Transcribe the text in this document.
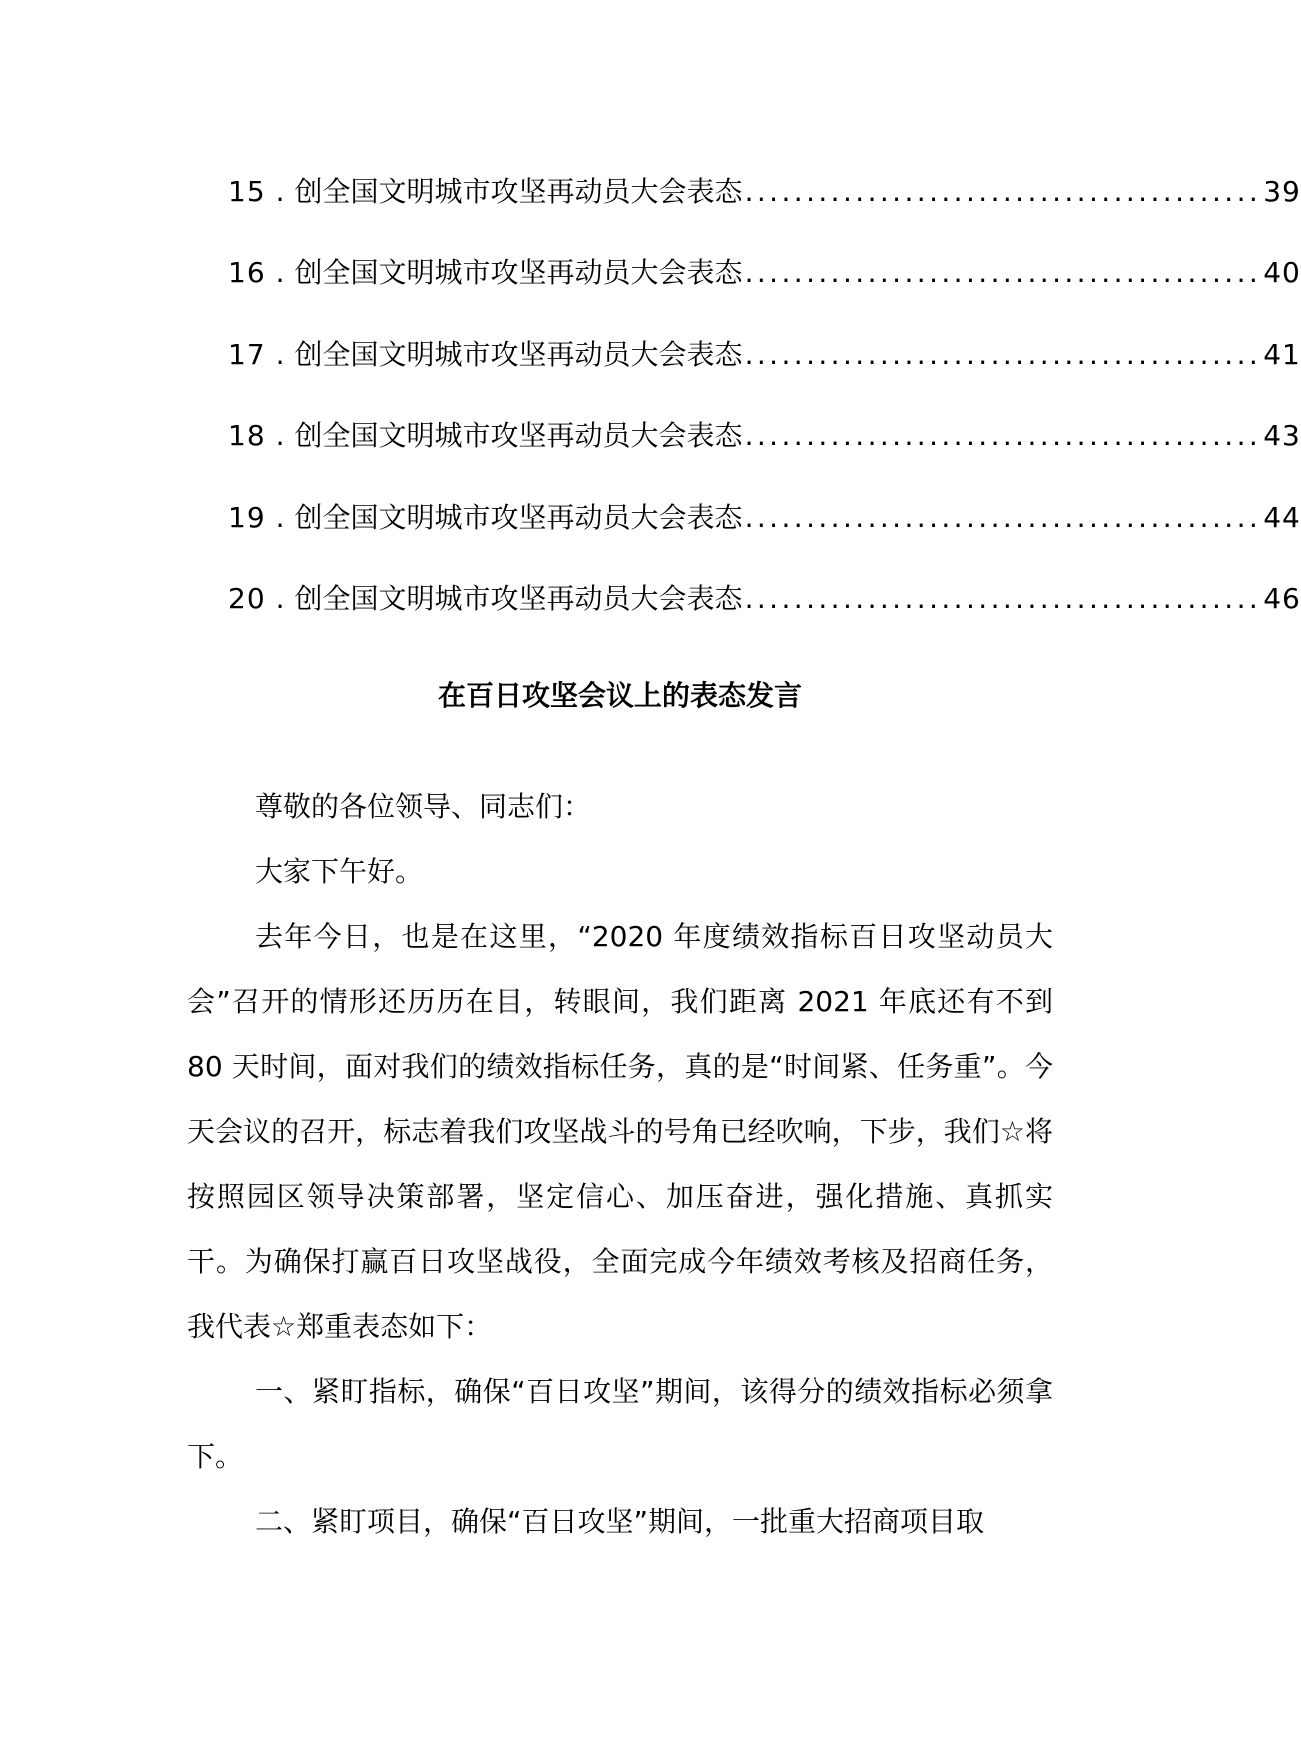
15 . 创全国文明城市攻坚再动员大会表态 .......................................... 39
16 . 创全国文明城市攻坚再动员大会表态 .......................................... 40
17 . 创全国文明城市攻坚再动员大会表态 .......................................... 41
18 . 创全国文明城市攻坚再动员大会表态 .......................................... 43
19 . 创全国文明城市攻坚再动员大会表态 .......................................... 44
20 . 创全国文明城市攻坚再动员大会表态 .......................................... 46
在百日攻坚会议上的表态发言

尊敬的各位领导、同志们：

大家下午好。

去年今日，也是在这里，“2020 年度绩效指标百日攻坚动员大会”召开的情形还历历在目，转眼间，我们距离 2021 年底还有不到 80 天时间，面对我们的绩效指标任务，真的是“时间紧、任务重”。今天会议的召开，标志着我们攻坚战斗的号角已经吹响，下步，我们☆将按照园区领导决策部署，坚定信心、加压奋进，强化措施、真抓实干。为确保打赢百日攻坚战役，全面完成今年绩效考核及招商任务，我代表☆郑重表态如下：

一、紧盯指标，确保“百日攻坚”期间，该得分的绩效指标必须拿下。

二、紧盯项目，确保“百日攻坚”期间，一批重大招商项目取
